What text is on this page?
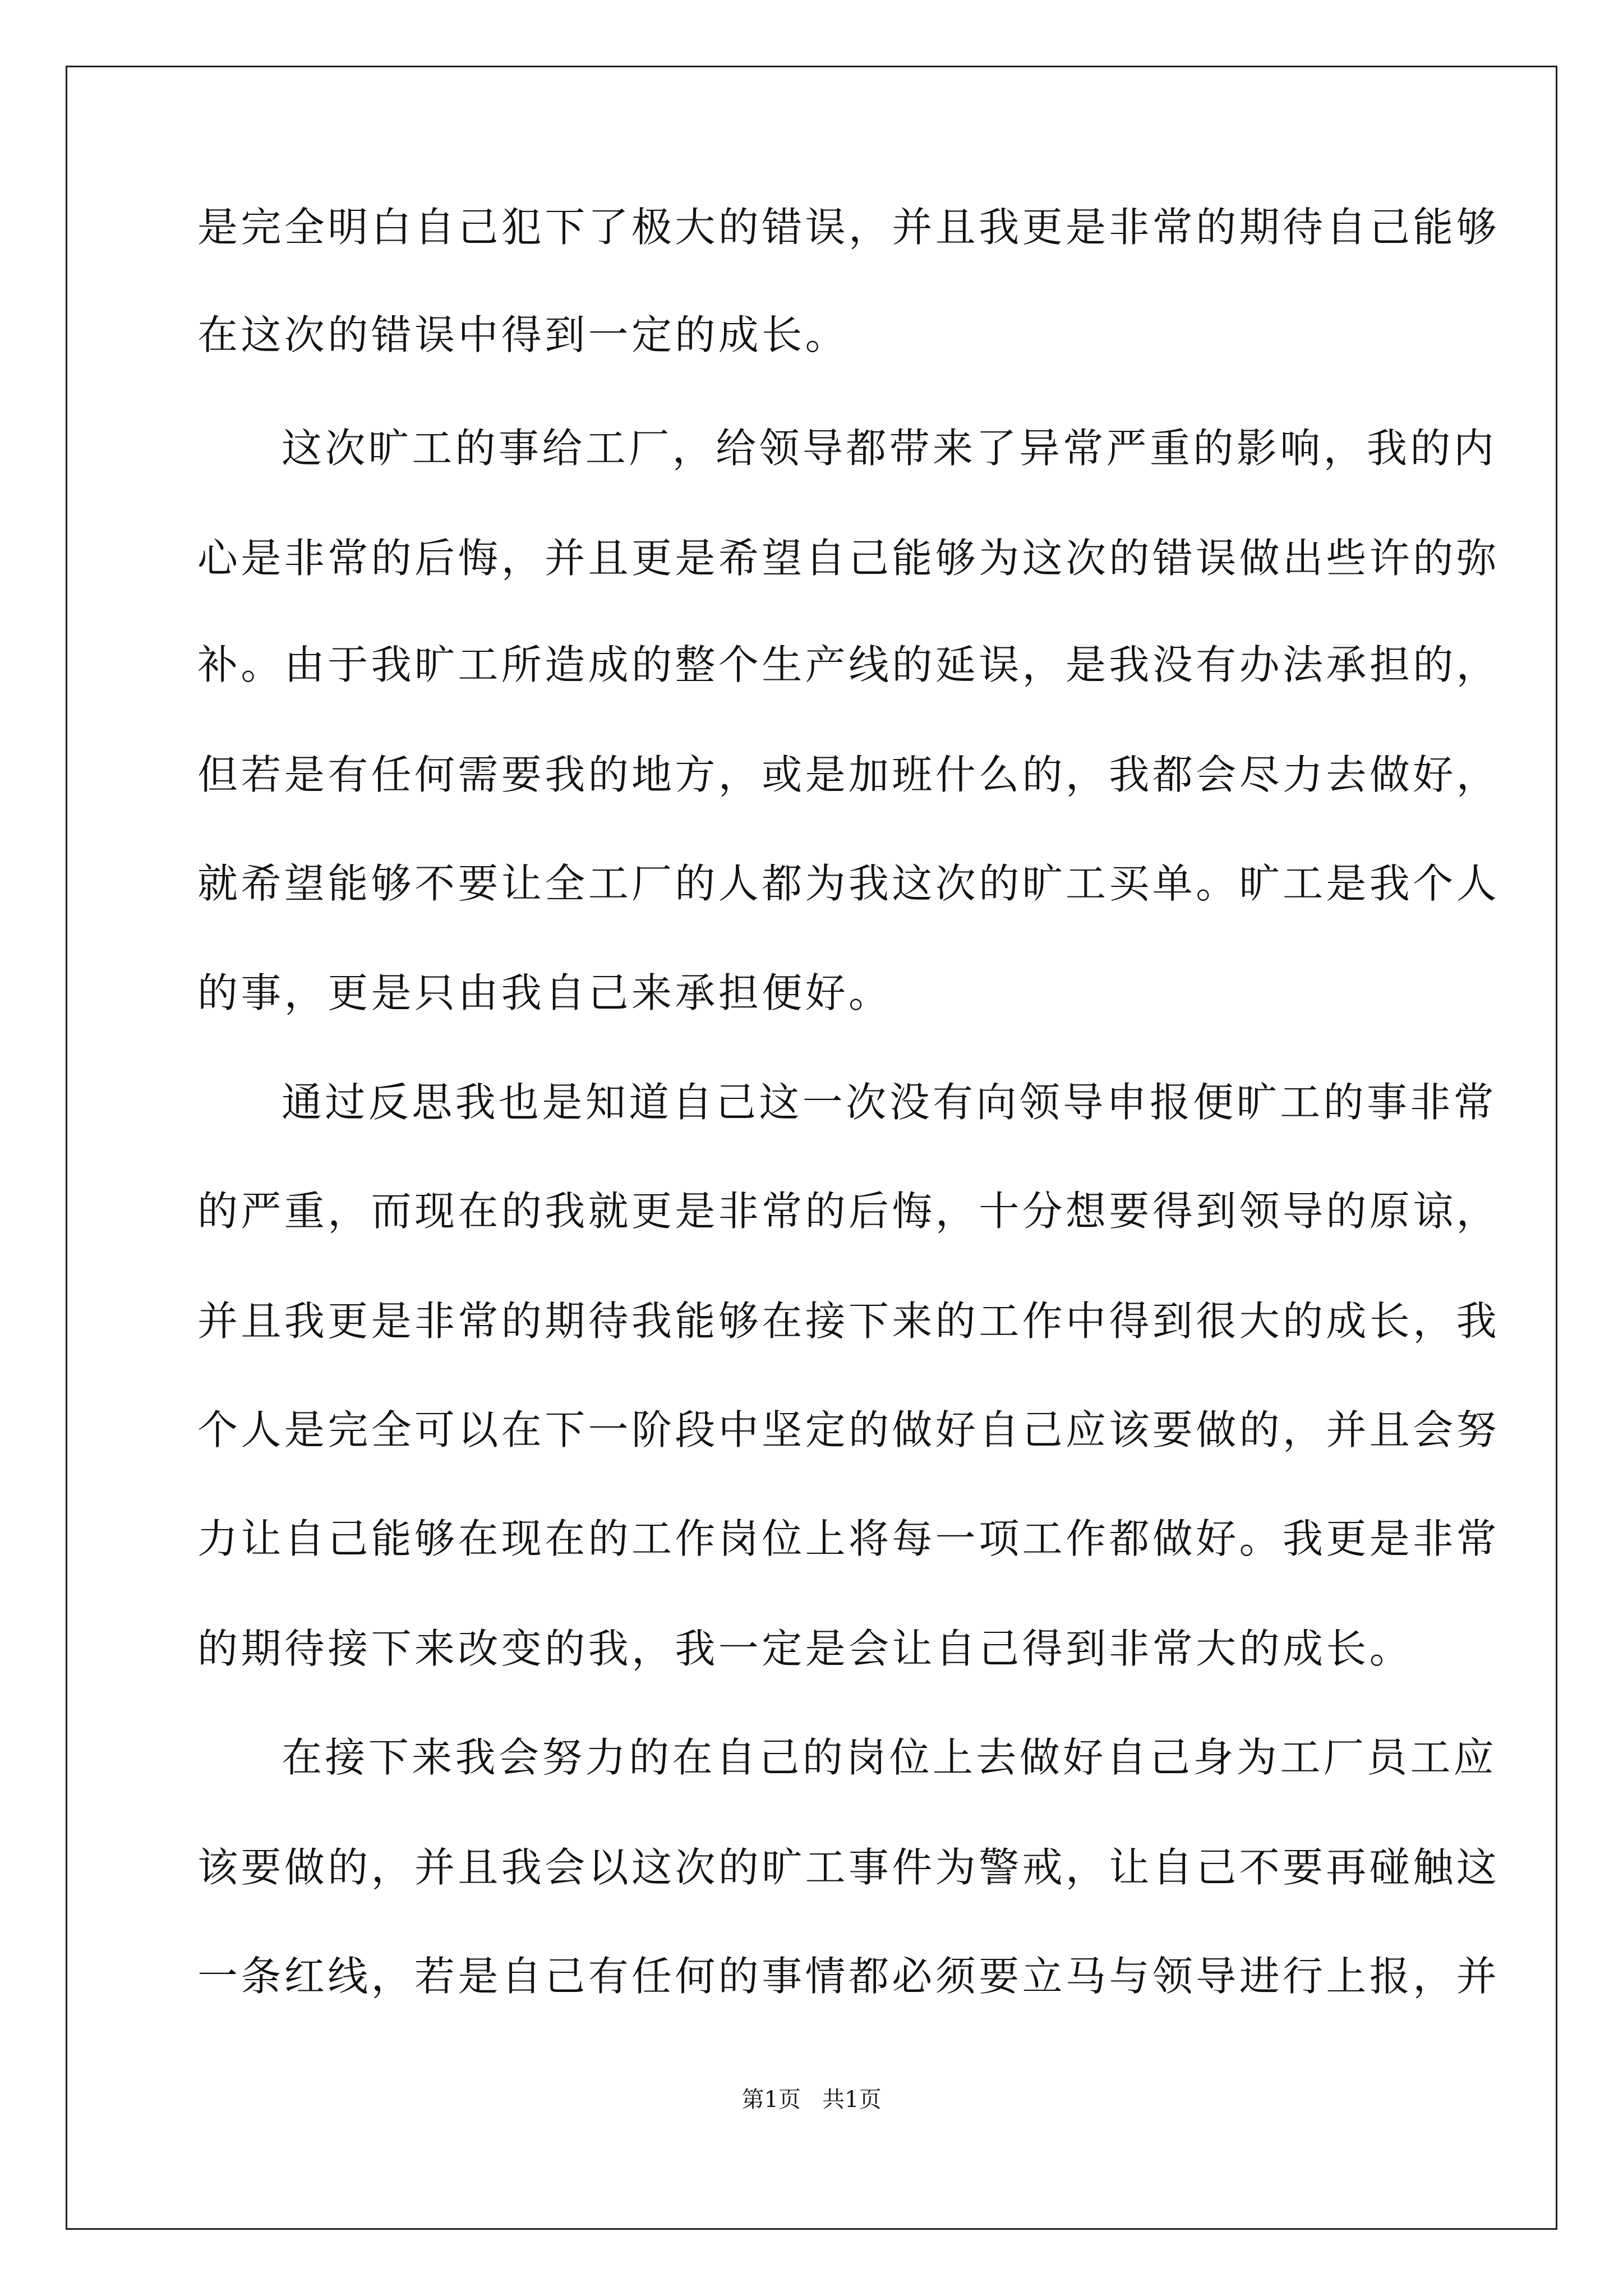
是完全明白自己犯下了极大的错误，并且我更是非常的期待自己能够
在这次的错误中得到一定的成长。
这次旷工的事给工厂，给领导都带来了异常严重的影响，我的内
心是非常的后悔，并且更是希望自己能够为这次的错误做出些许的弥
补。由于我旷工所造成的整个生产线的延误，是我没有办法承担的，
但若是有任何需要我的地方，或是加班什么的，我都会尽力去做好，
就希望能够不要让全工厂的人都为我这次的旷工买单。旷工是我个人
的事，更是只由我自己来承担便好。
通过反思我也是知道自己这一次没有向领导申报便旷工的事非常
的严重，而现在的我就更是非常的后悔，十分想要得到领导的原谅，
并且我更是非常的期待我能够在接下来的工作中得到很大的成长，我
个人是完全可以在下一阶段中坚定的做好自己应该要做的，并且会努
力让自己能够在现在的工作岗位上将每一项工作都做好。我更是非常
的期待接下来改变的我，我一定是会让自己得到非常大的成长。
在接下来我会努力的在自己的岗位上去做好自己身为工厂员工应
该要做的，并且我会以这次的旷工事件为警戒，让自己不要再碰触这
一条红线，若是自己有任何的事情都必须要立马与领导进行上报，并
第1页   共1页
